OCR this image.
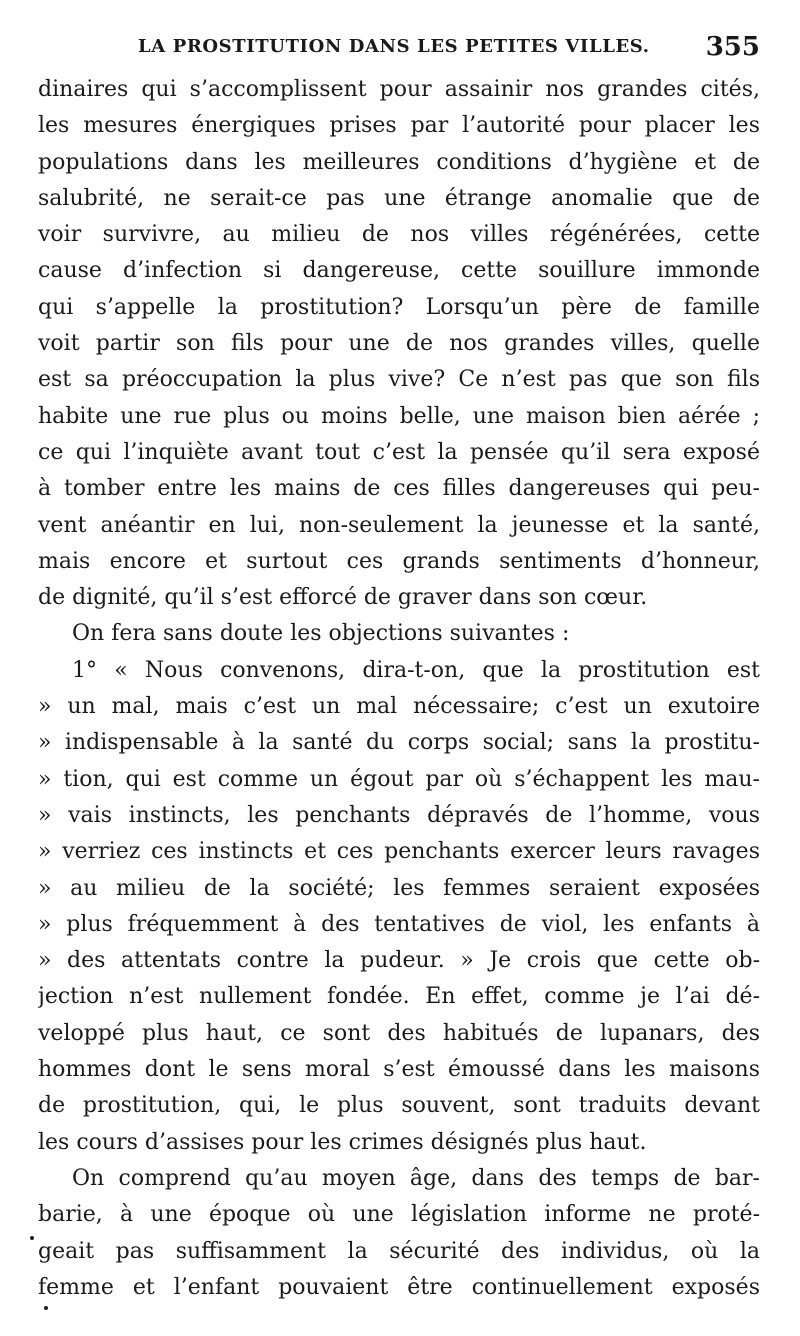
LA PROSTITUTION DANS LES PETITES VILLES. 355
dinaires qui s’accomplissent pour assainir nos grandes cités,
les mesures énergiques prises par l’autorité pour placer les
populations dans les meilleures conditions d’hygiène et de
salubrité, ne serait-ce pas une étrange anomalie que de
voir survivre, au milieu de nos villes régénérées, cette
cause d’infection si dangereuse, cette souillure immonde
qui s’appelle la prostitution? Lorsqu’un père de famille
voit partir son fils pour une de nos grandes villes, quelle
est sa préoccupation la plus vive? Ce n’est pas que son fils
habite une rue plus ou moins belle, une maison bien aérée ;
ce qui l’inquiète avant tout c’est la pensée qu’il sera exposé
à tomber entre les mains de ces filles dangereuses qui peu-
vent anéantir en lui, non-seulement la jeunesse et la santé,
mais encore et surtout ces grands sentiments d’honneur,
de dignité, qu’il s’est efforcé de graver dans son cœur.
On fera sans doute les objections suivantes :
1° « Nous convenons, dira-t-on, que la prostitution est
» un mal, mais c’est un mal nécessaire; c’est un exutoire
» indispensable à la santé du corps social; sans la prostitu-
» tion, qui est comme un égout par où s’échappent les mau-
» vais instincts, les penchants dépravés de l’homme, vous
» verriez ces instincts et ces penchants exercer leurs ravages
» au milieu de la société; les femmes seraient exposées
» plus fréquemment à des tentatives de viol, les enfants à
» des attentats contre la pudeur. » Je crois que cette ob-
jection n’est nullement fondée. En effet, comme je l’ai dé-
veloppé plus haut, ce sont des habitués de lupanars, des
hommes dont le sens moral s’est émoussé dans les maisons
de prostitution, qui, le plus souvent, sont traduits devant
les cours d’assises pour les crimes désignés plus haut.
On comprend qu’au moyen âge, dans des temps de bar-
barie, à une époque où une législation informe ne proté-
geait pas suffisamment la sécurité des individus, où la
femme et l’enfant pouvaient être continuellement exposés
